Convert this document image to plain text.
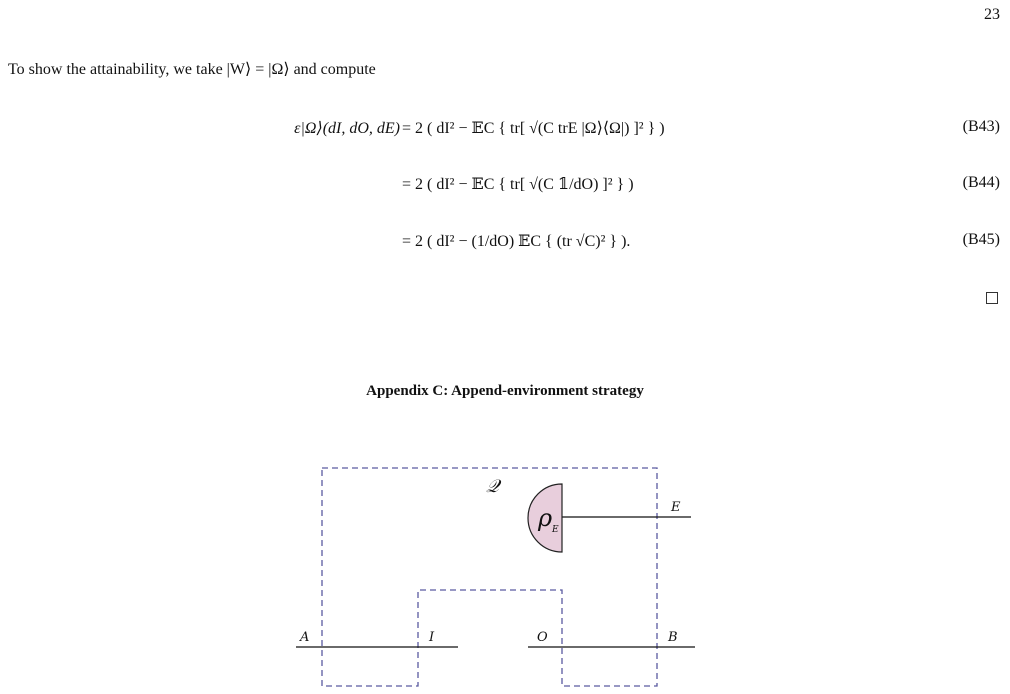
23
To show the attainability, we take |W⟩ = |Ω⟩ and compute
ε|Ω⟩(dI, dO, dE) = 2 ( dI² − 𝔼C { tr[ √(C trE |Ω⟩⟨Ω|) ]² } )	(B43)
= 2 ( dI² − 𝔼C { tr[ √(C 𝟙/dO) ]² } )	(B44)
= 2 ( dI² − (1/dO) 𝔼C { (tr √C)² } ).	(B45)
Appendix C: Append-environment strategy
ρ E
𝒬
A	I	O	B
E
